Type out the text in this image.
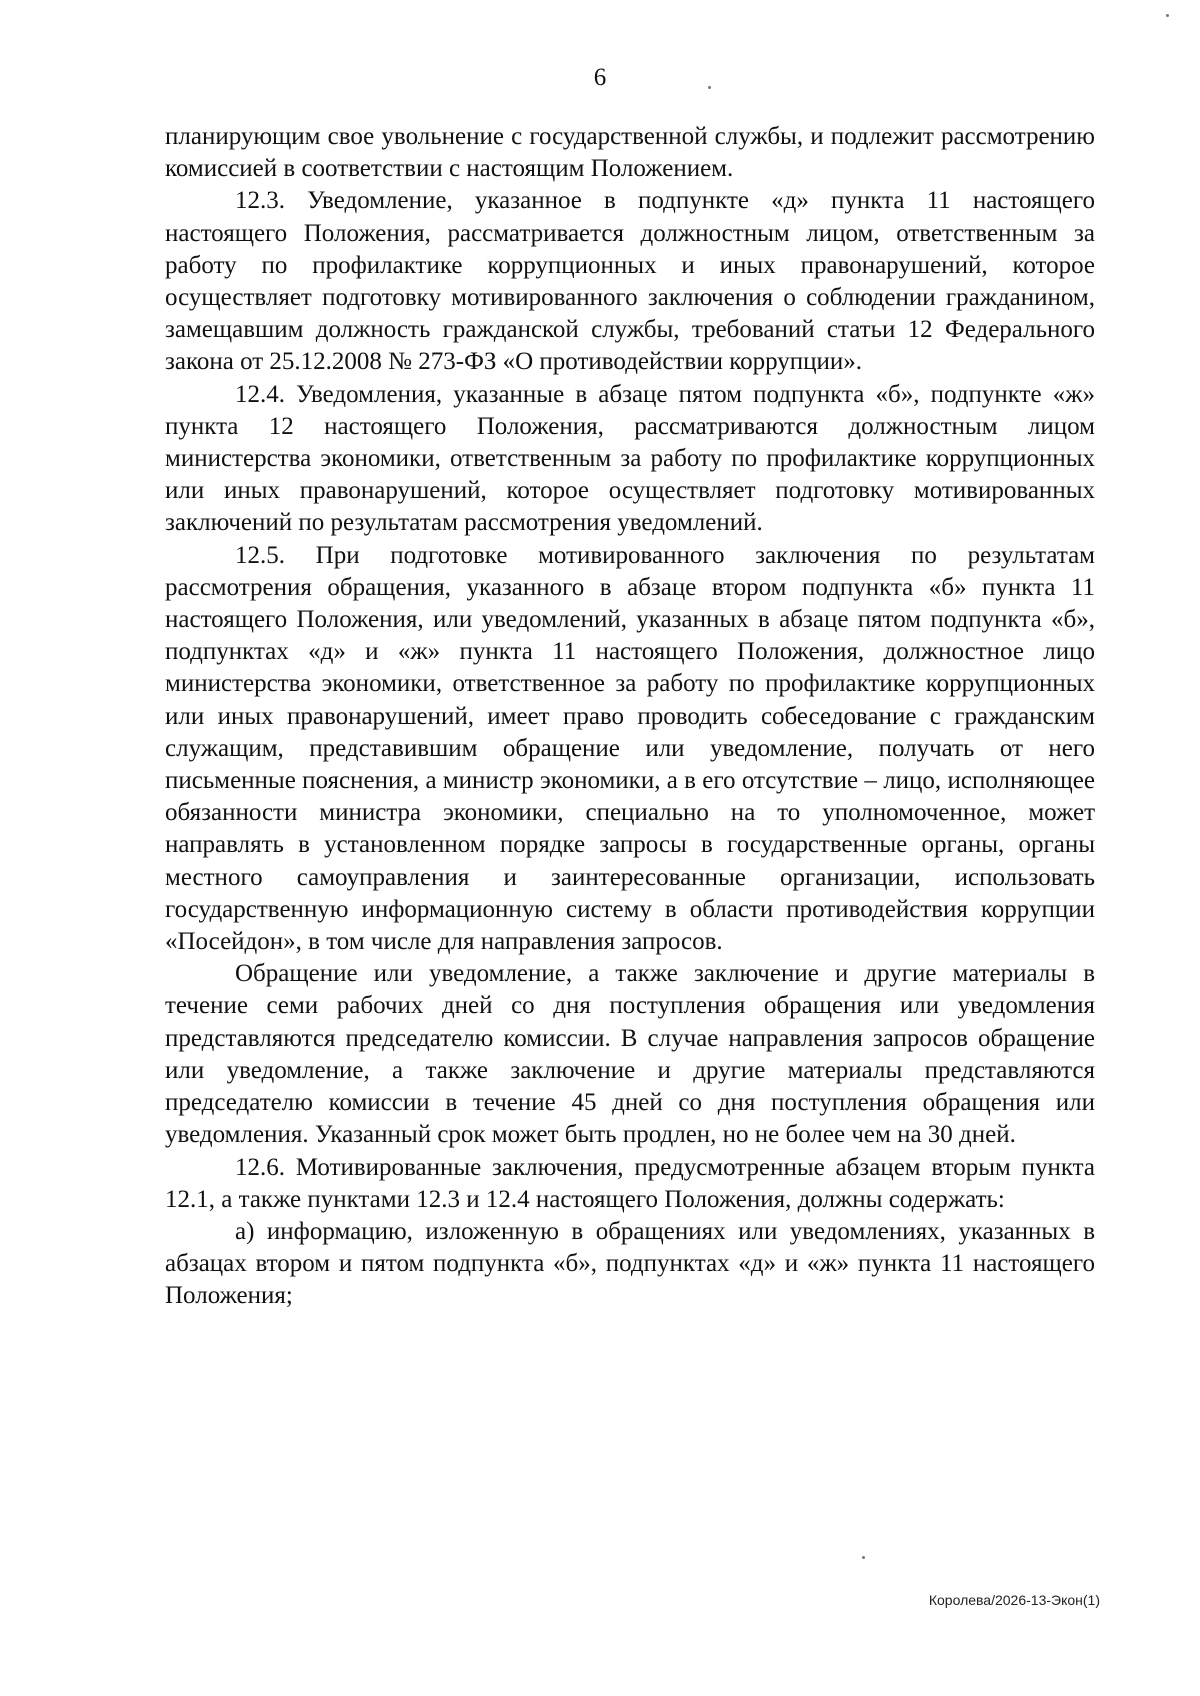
6

планирующим свое увольнение с государственной службы, и подлежит рассмотрению комиссией в соответствии с настоящим Положением.

12.3. Уведомление, указанное в подпункте «д» пункта 11 настоящего настоящего Положения, рассматривается должностным лицом, ответственным за работу по профилактике коррупционных и иных правонарушений, которое осуществляет подготовку мотивированного заключения о соблюдении гражданином, замещавшим должность гражданской службы, требований статьи 12 Федерального закона от 25.12.2008 № 273-ФЗ «О противодействии коррупции».

12.4. Уведомления, указанные в абзаце пятом подпункта «б», подпункте «ж» пункта 12 настоящего Положения, рассматриваются должностным лицом министерства экономики, ответственным за работу по профилактике коррупционных или иных правонарушений, которое осуществляет подготовку мотивированных заключений по результатам рассмотрения уведомлений.

12.5. При подготовке мотивированного заключения по результатам рассмотрения обращения, указанного в абзаце втором подпункта «б» пункта 11 настоящего Положения, или уведомлений, указанных в абзаце пятом подпункта «б», подпунктах «д» и «ж» пункта 11 настоящего Положения, должностное лицо министерства экономики, ответственное за работу по профилактике коррупционных или иных правонарушений, имеет право проводить собеседование с гражданским служащим, представившим обращение или уведомление, получать от него письменные пояснения, а министр экономики, а в его отсутствие – лицо, исполняющее обязанности министра экономики, специально на то уполномоченное, может направлять в установленном порядке запросы в государственные органы, органы местного самоуправления и заинтересованные организации, использовать государственную информационную систему в области противодействия коррупции «Посейдон», в том числе для направления запросов.

Обращение или уведомление, а также заключение и другие материалы в течение семи рабочих дней со дня поступления обращения или уведомления представляются председателю комиссии. В случае направления запросов обращение или уведомление, а также заключение и другие материалы представляются председателю комиссии в течение 45 дней со дня поступления обращения или уведомления. Указанный срок может быть продлен, но не более чем на 30 дней.

12.6. Мотивированные заключения, предусмотренные абзацем вторым пункта 12.1, а также пунктами 12.3 и 12.4 настоящего Положения, должны содержать:

а) информацию, изложенную в обращениях или уведомлениях, указанных в абзацах втором и пятом подпункта «б», подпунктах «д» и «ж» пункта 11 настоящего Положения;

Королева/2026-13-Экон(1)
